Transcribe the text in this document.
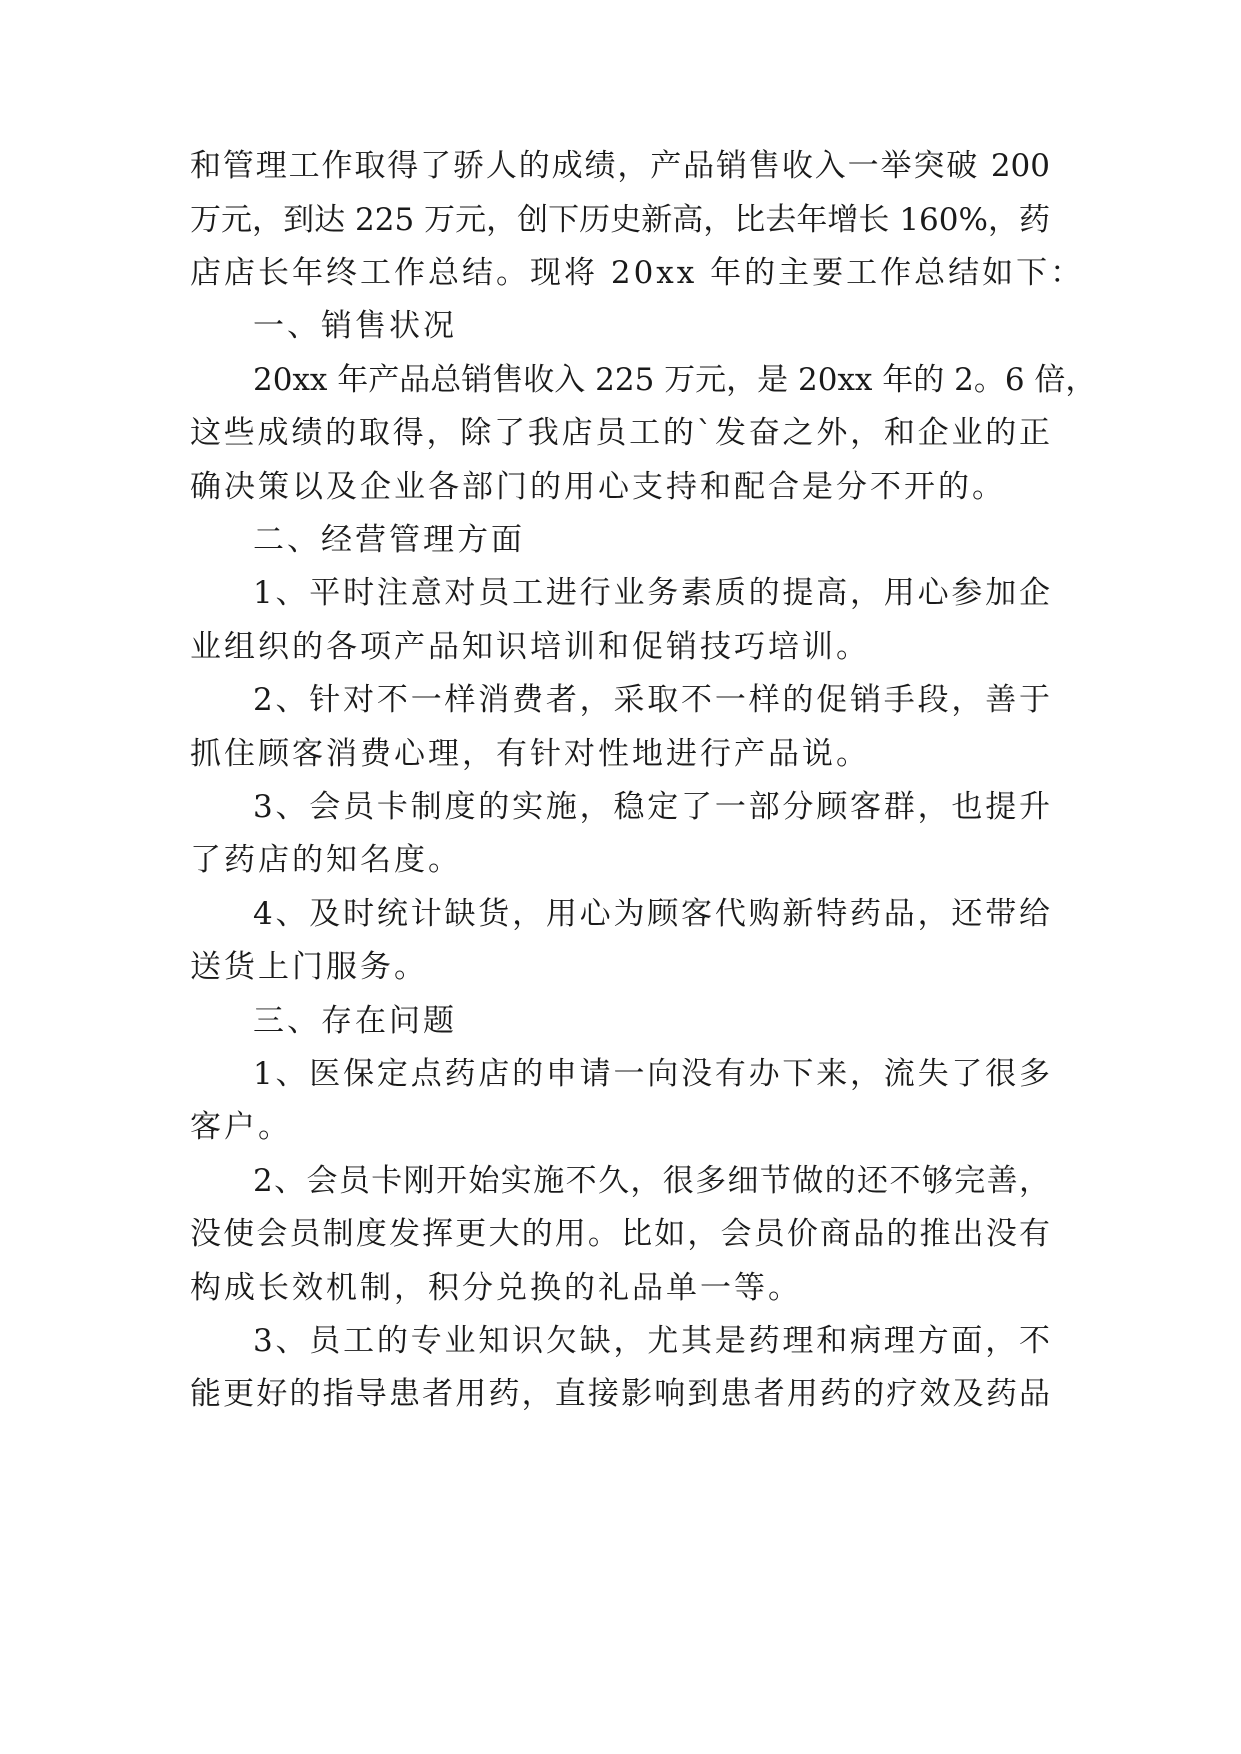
和管理工作取得了骄人的成绩，产品销售收入一举突破 200
万元，到达 225 万元，创下历史新高，比去年增长 160%，药
店店长年终工作总结。现将 20xx 年的主要工作总结如下：
一、销售状况
20xx 年产品总销售收入 225 万元，是 20xx 年的 2。6 倍，
这些成绩的取得，除了我店员工的`发奋之外，和企业的正
确决策以及企业各部门的用心支持和配合是分不开的。
二、经营管理方面
1、平时注意对员工进行业务素质的提高，用心参加企
业组织的各项产品知识培训和促销技巧培训。
2、针对不一样消费者，采取不一样的促销手段，善于
抓住顾客消费心理，有针对性地进行产品说。
3、会员卡制度的实施，稳定了一部分顾客群，也提升
了药店的知名度。
4、及时统计缺货，用心为顾客代购新特药品，还带给
送货上门服务。
三、存在问题
1、医保定点药店的申请一向没有办下来，流失了很多
客户。
2、会员卡刚开始实施不久，很多细节做的还不够完善，
没使会员制度发挥更大的用。比如，会员价商品的推出没有
构成长效机制，积分兑换的礼品单一等。
3、员工的专业知识欠缺，尤其是药理和病理方面，不
能更好的指导患者用药，直接影响到患者用药的疗效及药品
